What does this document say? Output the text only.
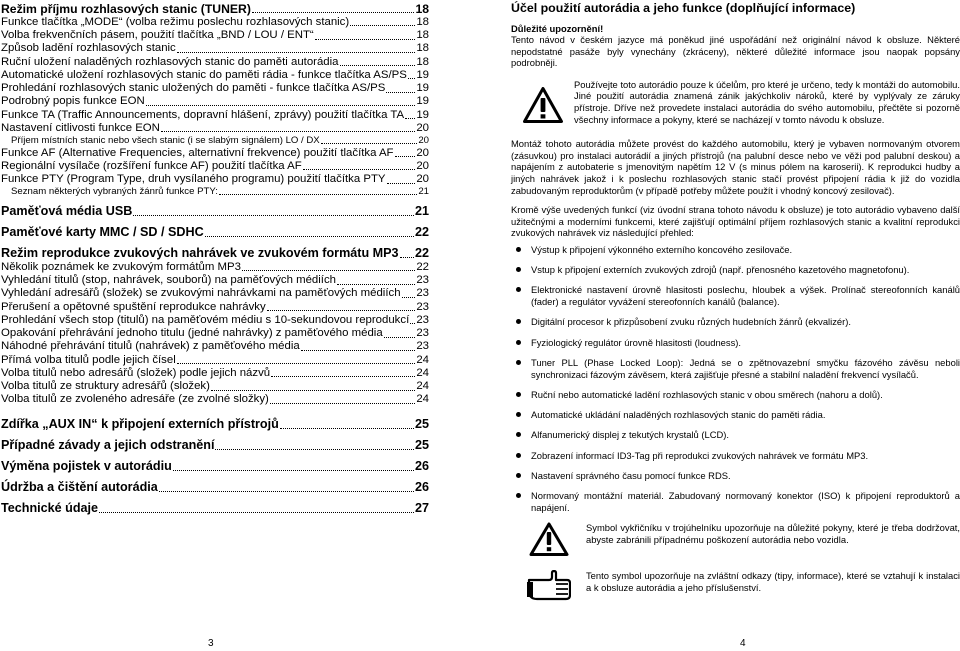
Režim příjmu rozhlasových stanic (TUNER)	18
Funkce tlačítka „MODE“ (volba režimu poslechu rozhlasových stanic)	18
Volba frekvenčních pásem, použití tlačítka „BND / LOU / ENT“	18
Způsob ladění rozhlasových stanic	18
Ruční uložení naladěných rozhlasových stanic do paměti autorádia	18
Automatické uložení rozhlasových stanic do paměti rádia - funkce tlačítka AS/PS 19
Prohledání rozhlasových stanic uložených do paměti - funkce tlačítka AS/PS	19
Podrobný popis funkce EON	19
Funkce TA (Traffic Announcements, dopravní hlášení, zprávy) použití tlačítka TA 19
Nastavení citlivosti funkce EON	20
Příjem místních stanic nebo všech stanic (i se slabým signálem) LO / DX	20
Funkce AF (Alternative Frequencies, alternativní frekvence) použití tlačítka AF 20
Regionální vysílače (rozšíření funkce AF) použití tlačítka AF	20
Funkce PTY (Program Type, druh vysílaného programu) použití tlačítka PTY	20
Seznam některých vybraných žánrů funkce PTY:	21
Paměťová média USB	21
Paměťové karty MMC / SD / SDHC	22
Režim reprodukce zvukových nahrávek ve zvukovém formátu MP3 22
Několik poznámek ke zvukovým formátům MP3	22
Vyhledání titulů (stop, nahrávek, souborů) na paměťových médiích	23
Vyhledání adresářů (složek) se zvukovými nahrávkami na paměťových médiích 23
Přerušení a opětovné spuštění reprodukce nahrávky	23
Prohledání všech stop (titulů) na paměťovém médiu s 10-sekundovou reprodukcí 23
Opakování přehrávání jednoho titulu (jedné nahrávky) z paměťového média	23
Náhodné přehrávání titulů (nahrávek) z paměťového média	23
Přímá volba titulů podle jejich čísel	24
Volba titulů nebo adresářů (složek) podle jejich názvů	24
Volba titulů ze struktury adresářů (složek)	24
Volba titulů ze zvoleného adresáře (ze zvolné složky)	24
Zdířka „AUX IN“ k připojení externích přístrojů	25
Případné závady a jejich odstranění	25
Výměna pojistek v autorádiu	26
Údržba a čištění autorádia	26
Technické údaje	27
Účel použití autorádia a jeho funkce (doplňující informace)
Důležité upozornění!

Tento návod v českém jazyce má poněkud jiné uspořádání než originální návod k obsluze. Některé nepodstatné pasáže byly vynechány (zkráceny), některé důležité informace jsou naopak popsány podrobněji.

Používejte toto autorádio pouze k účelům, pro které je určeno, tedy k montáži do automobilu. Jiné použití autorádia znamená zánik jakýchkoliv nároků, které by vyplývaly ze záruky přístroje. Dříve než provedete instalaci autorádia do svého automobilu, přečtěte si pozorně všechny informace a pokyny, které se nacházejí v tomto návodu k obsluze.

Montáž tohoto autorádia můžete provést do každého automobilu, který je vybaven normovaným otvorem (zásuvkou) pro instalaci autorádií a jiných přístrojů (na palubní desce nebo ve věži pod palubní deskou) a napájením z autobaterie s jmenovitým napětím 12 V (s minus pólem na karoserii). K reprodukci hudby a jiných nahrávek jakož i k poslechu rozhlasových stanic stačí provést připojení rádia k již do vozidla zabudovaným reproduktorům (v případě potřeby můžete použít i vhodný koncový zesilovač).

Kromě výše uvedených funkcí (viz úvodní strana tohoto návodu k obsluze) je toto autorádio vybaveno další užitečnými a moderními funkcemi, které zajišťují optimální příjem rozhlasových stanic a kvalitní reprodukci zvukových nahrávek viz následující přehled:

Výstup k připojení výkonného externího koncového zesilovače.
Vstup k připojení externích zvukových zdrojů (např. přenosného kazetového magnetofonu).
Elektronické nastavení úrovně hlasitosti poslechu, hloubek a výšek. Prolínač stereofonních kanálů (fader) a regulátor vyvážení stereofonních kanálů (balance).
Digitální procesor k přizpůsobení zvuku různých hudebních žánrů (ekvalizér).
Fyziologický regulátor úrovně hlasitosti (loudness).
Tuner PLL (Phase Locked Loop): Jedná se o zpětnovazební smyčku fázového závěsu neboli synchronizaci fázovým závěsem, která zajišťuje přesné a stabilní naladění frekvencí vysílačů.
Ruční nebo automatické ladění rozhlasových stanic v obou směrech (nahoru a dolů).
Automatické ukládání naladěných rozhlasových stanic do paměti rádia.
Alfanumerický displej z tekutých krystalů (LCD).
Zobrazení informací ID3-Tag při reprodukci zvukových nahrávek ve formátu MP3.
Nastavení správného času pomocí funkce RDS.
Normovaný montážní materiál. Zabudovaný normovaný konektor (ISO) k připojení reproduktorů a napájení.
Symbol vykřičníku v trojúhelníku upozorňuje na důležité pokyny, které je třeba dodržovat, abyste zabránili případnému poškození autorádia nebo vozidla.
Tento symbol upozorňuje na zvláštní odkazy (tipy, informace), které se vztahují k instalaci a k obsluze autorádia a jeho příslušenství.
3	4
